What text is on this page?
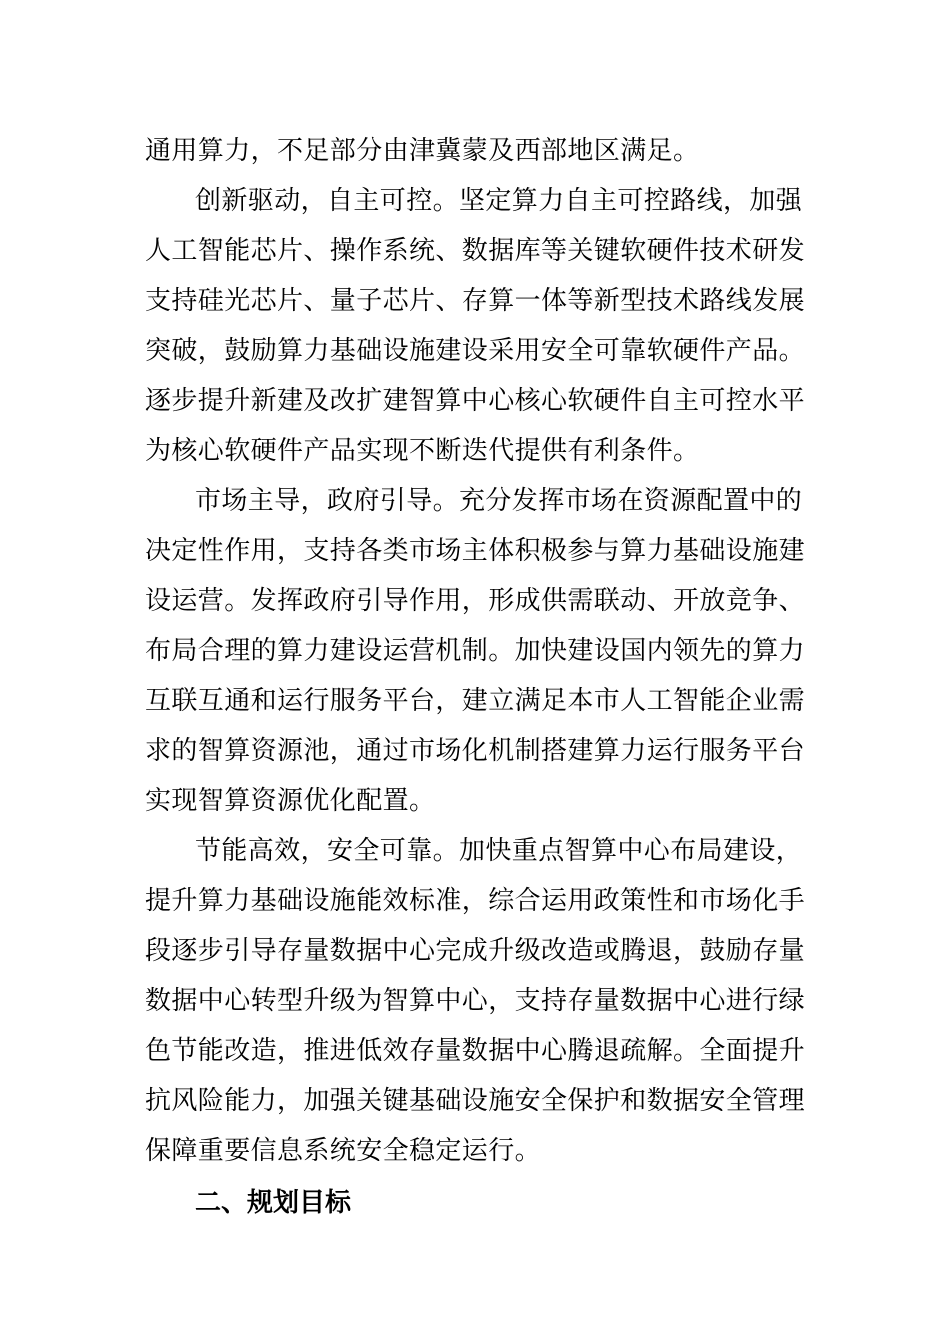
通用算力，不足部分由津冀蒙及西部地区满足。
创新驱动，自主可控。坚定算力自主可控路线，加强
人工智能芯片、操作系统、数据库等关键软硬件技术研发
支持硅光芯片、量子芯片、存算一体等新型技术路线发展
突破，鼓励算力基础设施建设采用安全可靠软硬件产品。
逐步提升新建及改扩建智算中心核心软硬件自主可控水平
为核心软硬件产品实现不断迭代提供有利条件。
市场主导，政府引导。充分发挥市场在资源配置中的
决定性作用，支持各类市场主体积极参与算力基础设施建
设运营。发挥政府引导作用，形成供需联动、开放竞争、
布局合理的算力建设运营机制。加快建设国内领先的算力
互联互通和运行服务平台，建立满足本市人工智能企业需
求的智算资源池，通过市场化机制搭建算力运行服务平台
实现智算资源优化配置。
节能高效，安全可靠。加快重点智算中心布局建设，
提升算力基础设施能效标准，综合运用政策性和市场化手
段逐步引导存量数据中心完成升级改造或腾退，鼓励存量
数据中心转型升级为智算中心，支持存量数据中心进行绿
色节能改造，推进低效存量数据中心腾退疏解。全面提升
抗风险能力，加强关键基础设施安全保护和数据安全管理
保障重要信息系统安全稳定运行。
二、规划目标
